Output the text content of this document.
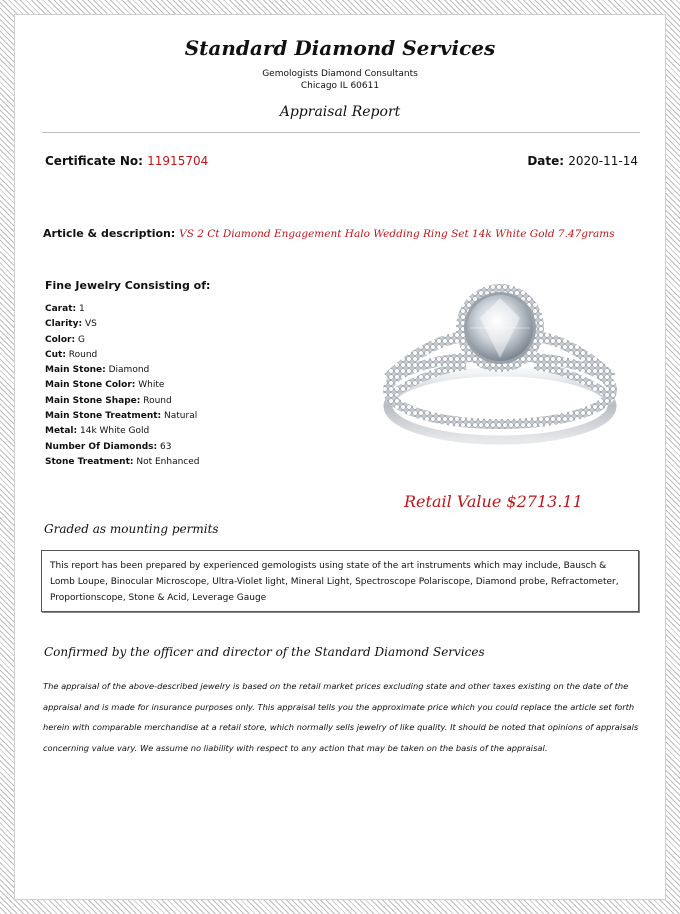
Standard Diamond Services
Gemologists Diamond Consultants
Chicago IL 60611
Appraisal Report
Certificate No: 11915704	Date: 2020-11-14
Article & description: VS 2 Ct Diamond Engagement Halo Wedding Ring Set 14k White Gold 7.47grams
Fine Jewelry Consisting of:
Carat: 1
Clarity: VS
Color: G
Cut: Round
Main Stone: Diamond
Main Stone Color: White
Main Stone Shape: Round
Main Stone Treatment: Natural
Metal: 14k White Gold
Number Of Diamonds: 63
Stone Treatment: Not Enhanced
Retail Value $2713.11
Graded as mounting permits
This report has been prepared by experienced gemologists using state of the art instruments which may include, Bausch & Lomb Loupe, Binocular Microscope, Ultra-Violet light, Mineral Light, Spectroscope Polariscope, Diamond probe, Refractometer, Proportionscope, Stone & Acid, Leverage Gauge
Confirmed by the officer and director of the Standard Diamond Services
The appraisal of the above-described jewelry is based on the retail market prices excluding state and other taxes existing on the date of the appraisal and is made for insurance purposes only. This appraisal tells you the approximate price which you could replace the article set forth herein with comparable merchandise at a retail store, which normally sells jewelry of like quality. It should be noted that opinions of appraisals concerning value vary. We assume no liability with respect to any action that may be taken on the basis of the appraisal.
